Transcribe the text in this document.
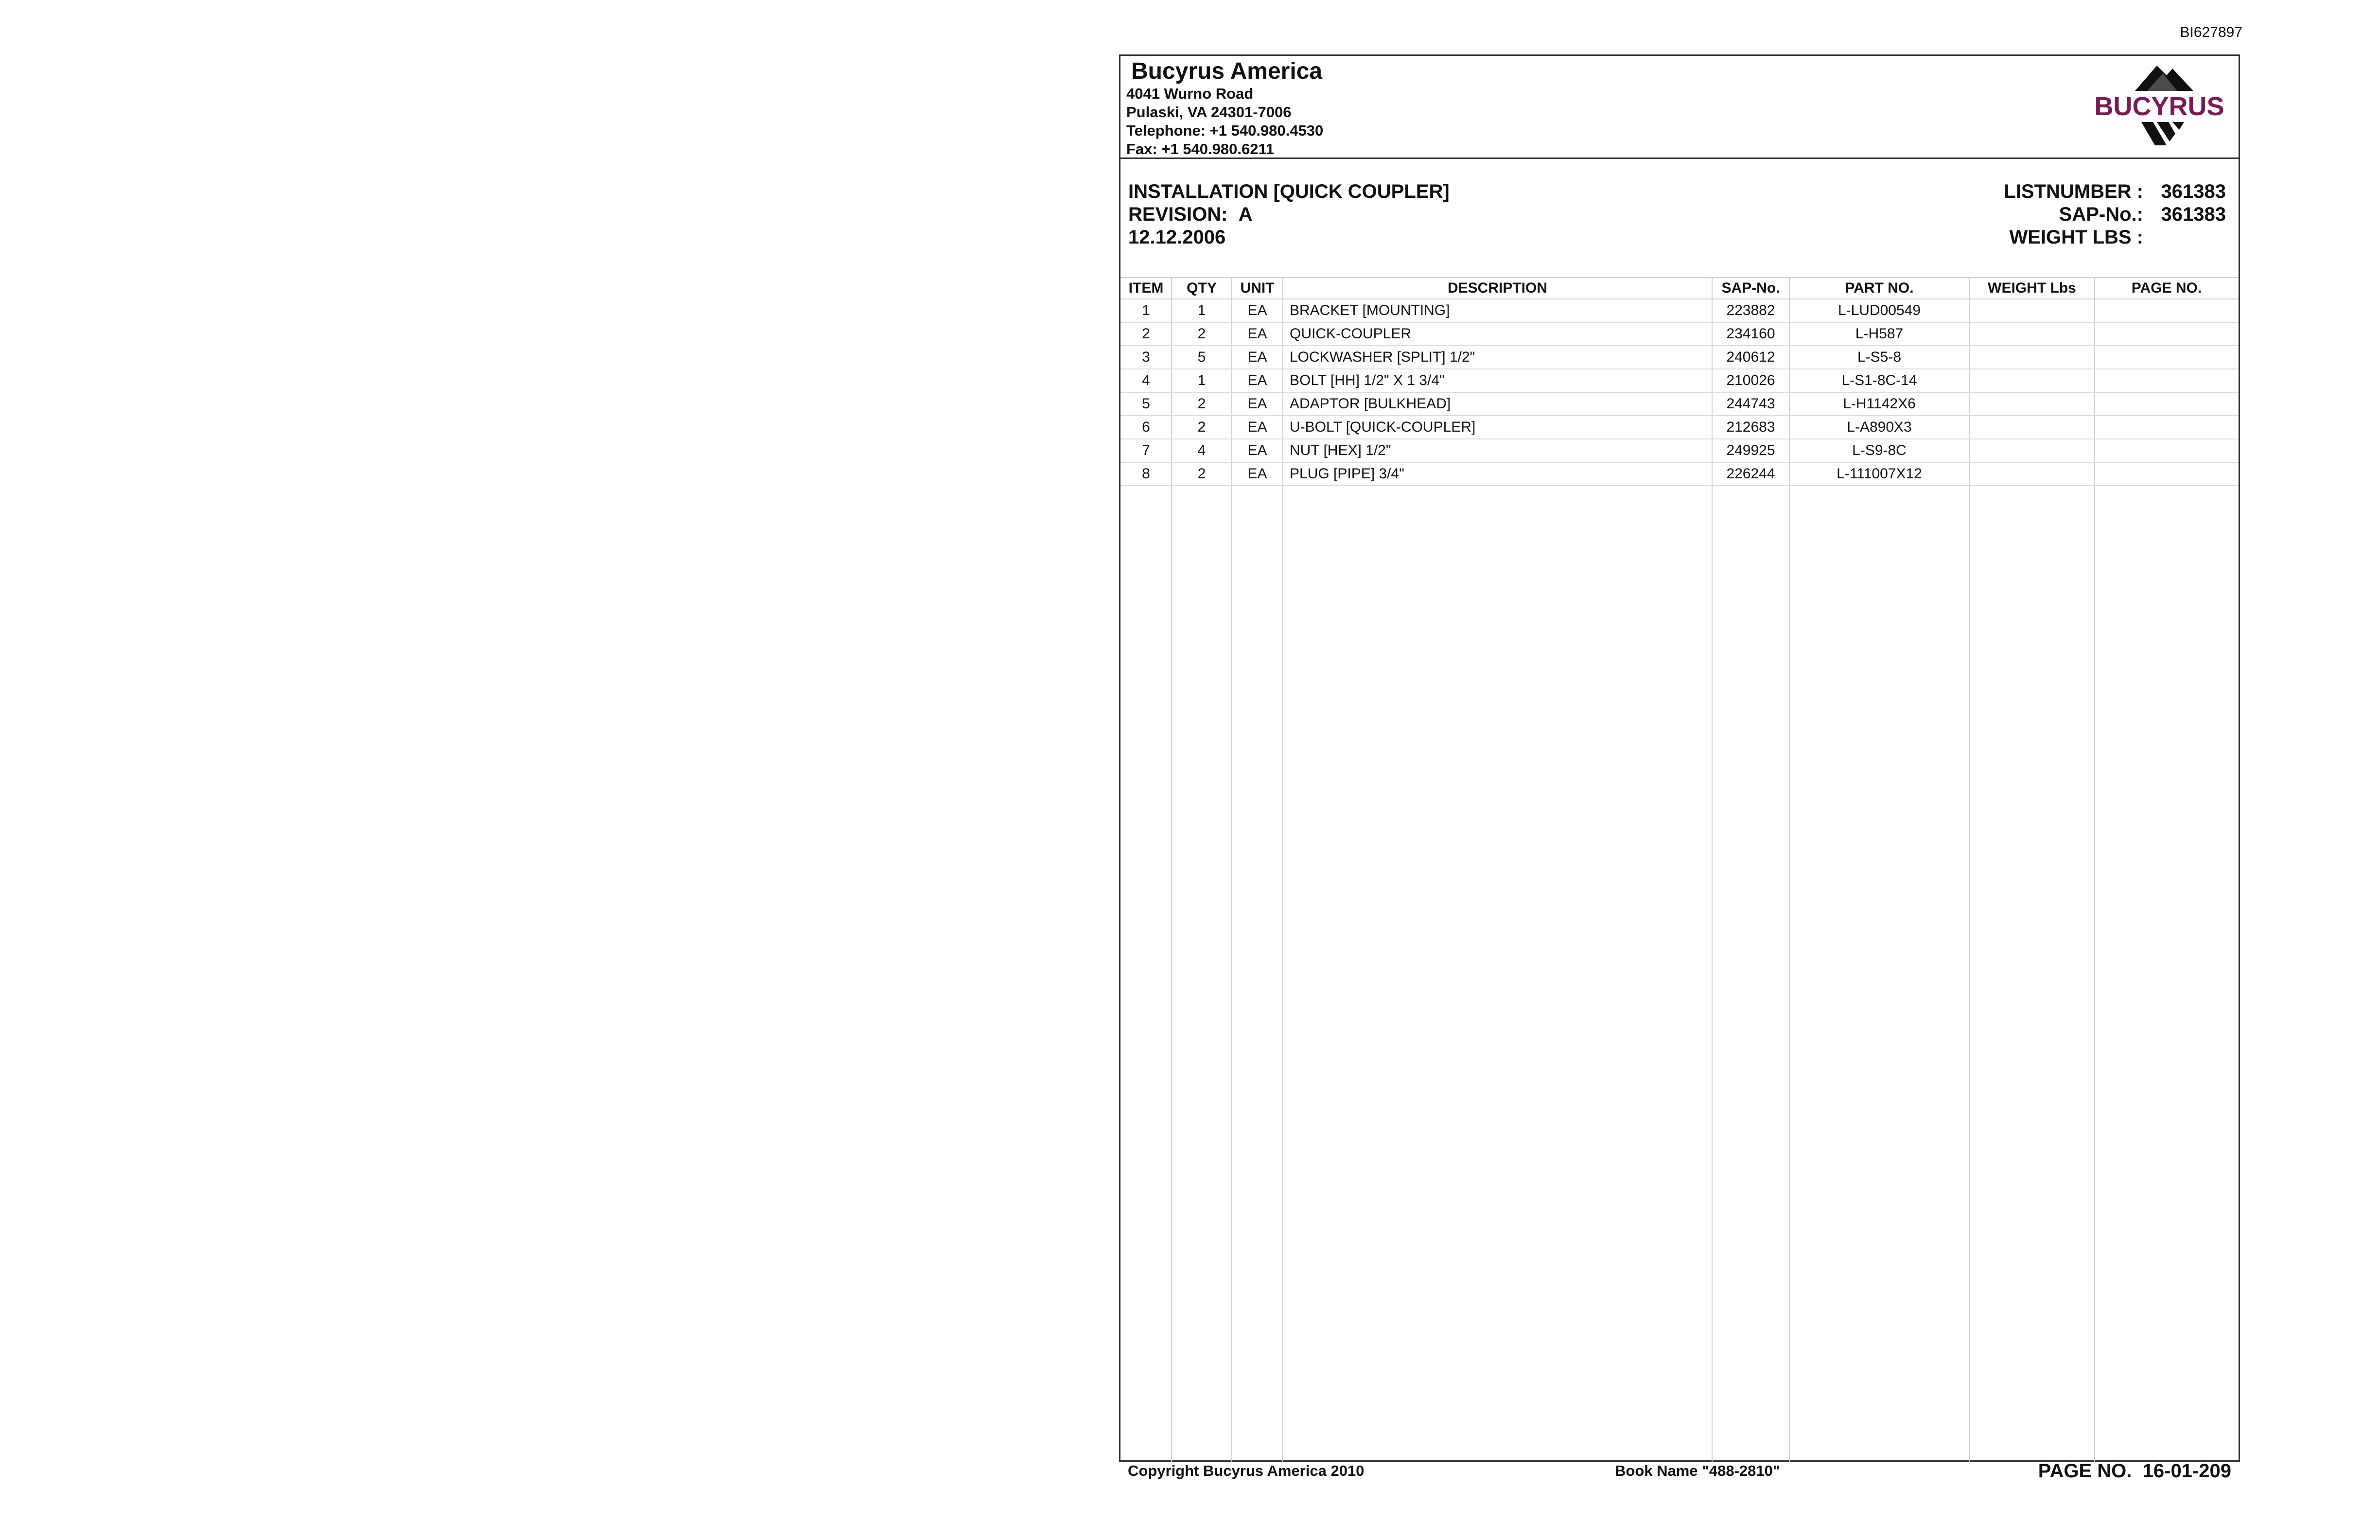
BI627897
Bucyrus America
4041 Wurno Road
Pulaski, VA 24301-7006
Telephone: +1 540.980.4530
Fax: +1 540.980.6211
BUCYRUS
INSTALLATION [QUICK COUPLER]
REVISION: A
12.12.2006
LISTNUMBER : 361383
SAP-No.: 361383
WEIGHT LBS :
ITEM	QTY	UNIT	DESCRIPTION	SAP-No.	PART NO.	WEIGHT Lbs	PAGE NO.
1	1	EA	BRACKET [MOUNTING]	223882	L-LUD00549		
2	2	EA	QUICK-COUPLER	234160	L-H587		
3	5	EA	LOCKWASHER [SPLIT] 1/2"	240612	L-S5-8		
4	1	EA	BOLT [HH] 1/2" X 1 3/4"	210026	L-S1-8C-14		
5	2	EA	ADAPTOR [BULKHEAD]	244743	L-H1142X6		
6	2	EA	U-BOLT [QUICK-COUPLER]	212683	L-A890X3		
7	4	EA	NUT [HEX] 1/2"	249925	L-S9-8C		
8	2	EA	PLUG [PIPE] 3/4"	226244	L-111007X12		
Copyright Bucyrus America 2010	Book Name "488-2810"	PAGE NO. 16-01-209
